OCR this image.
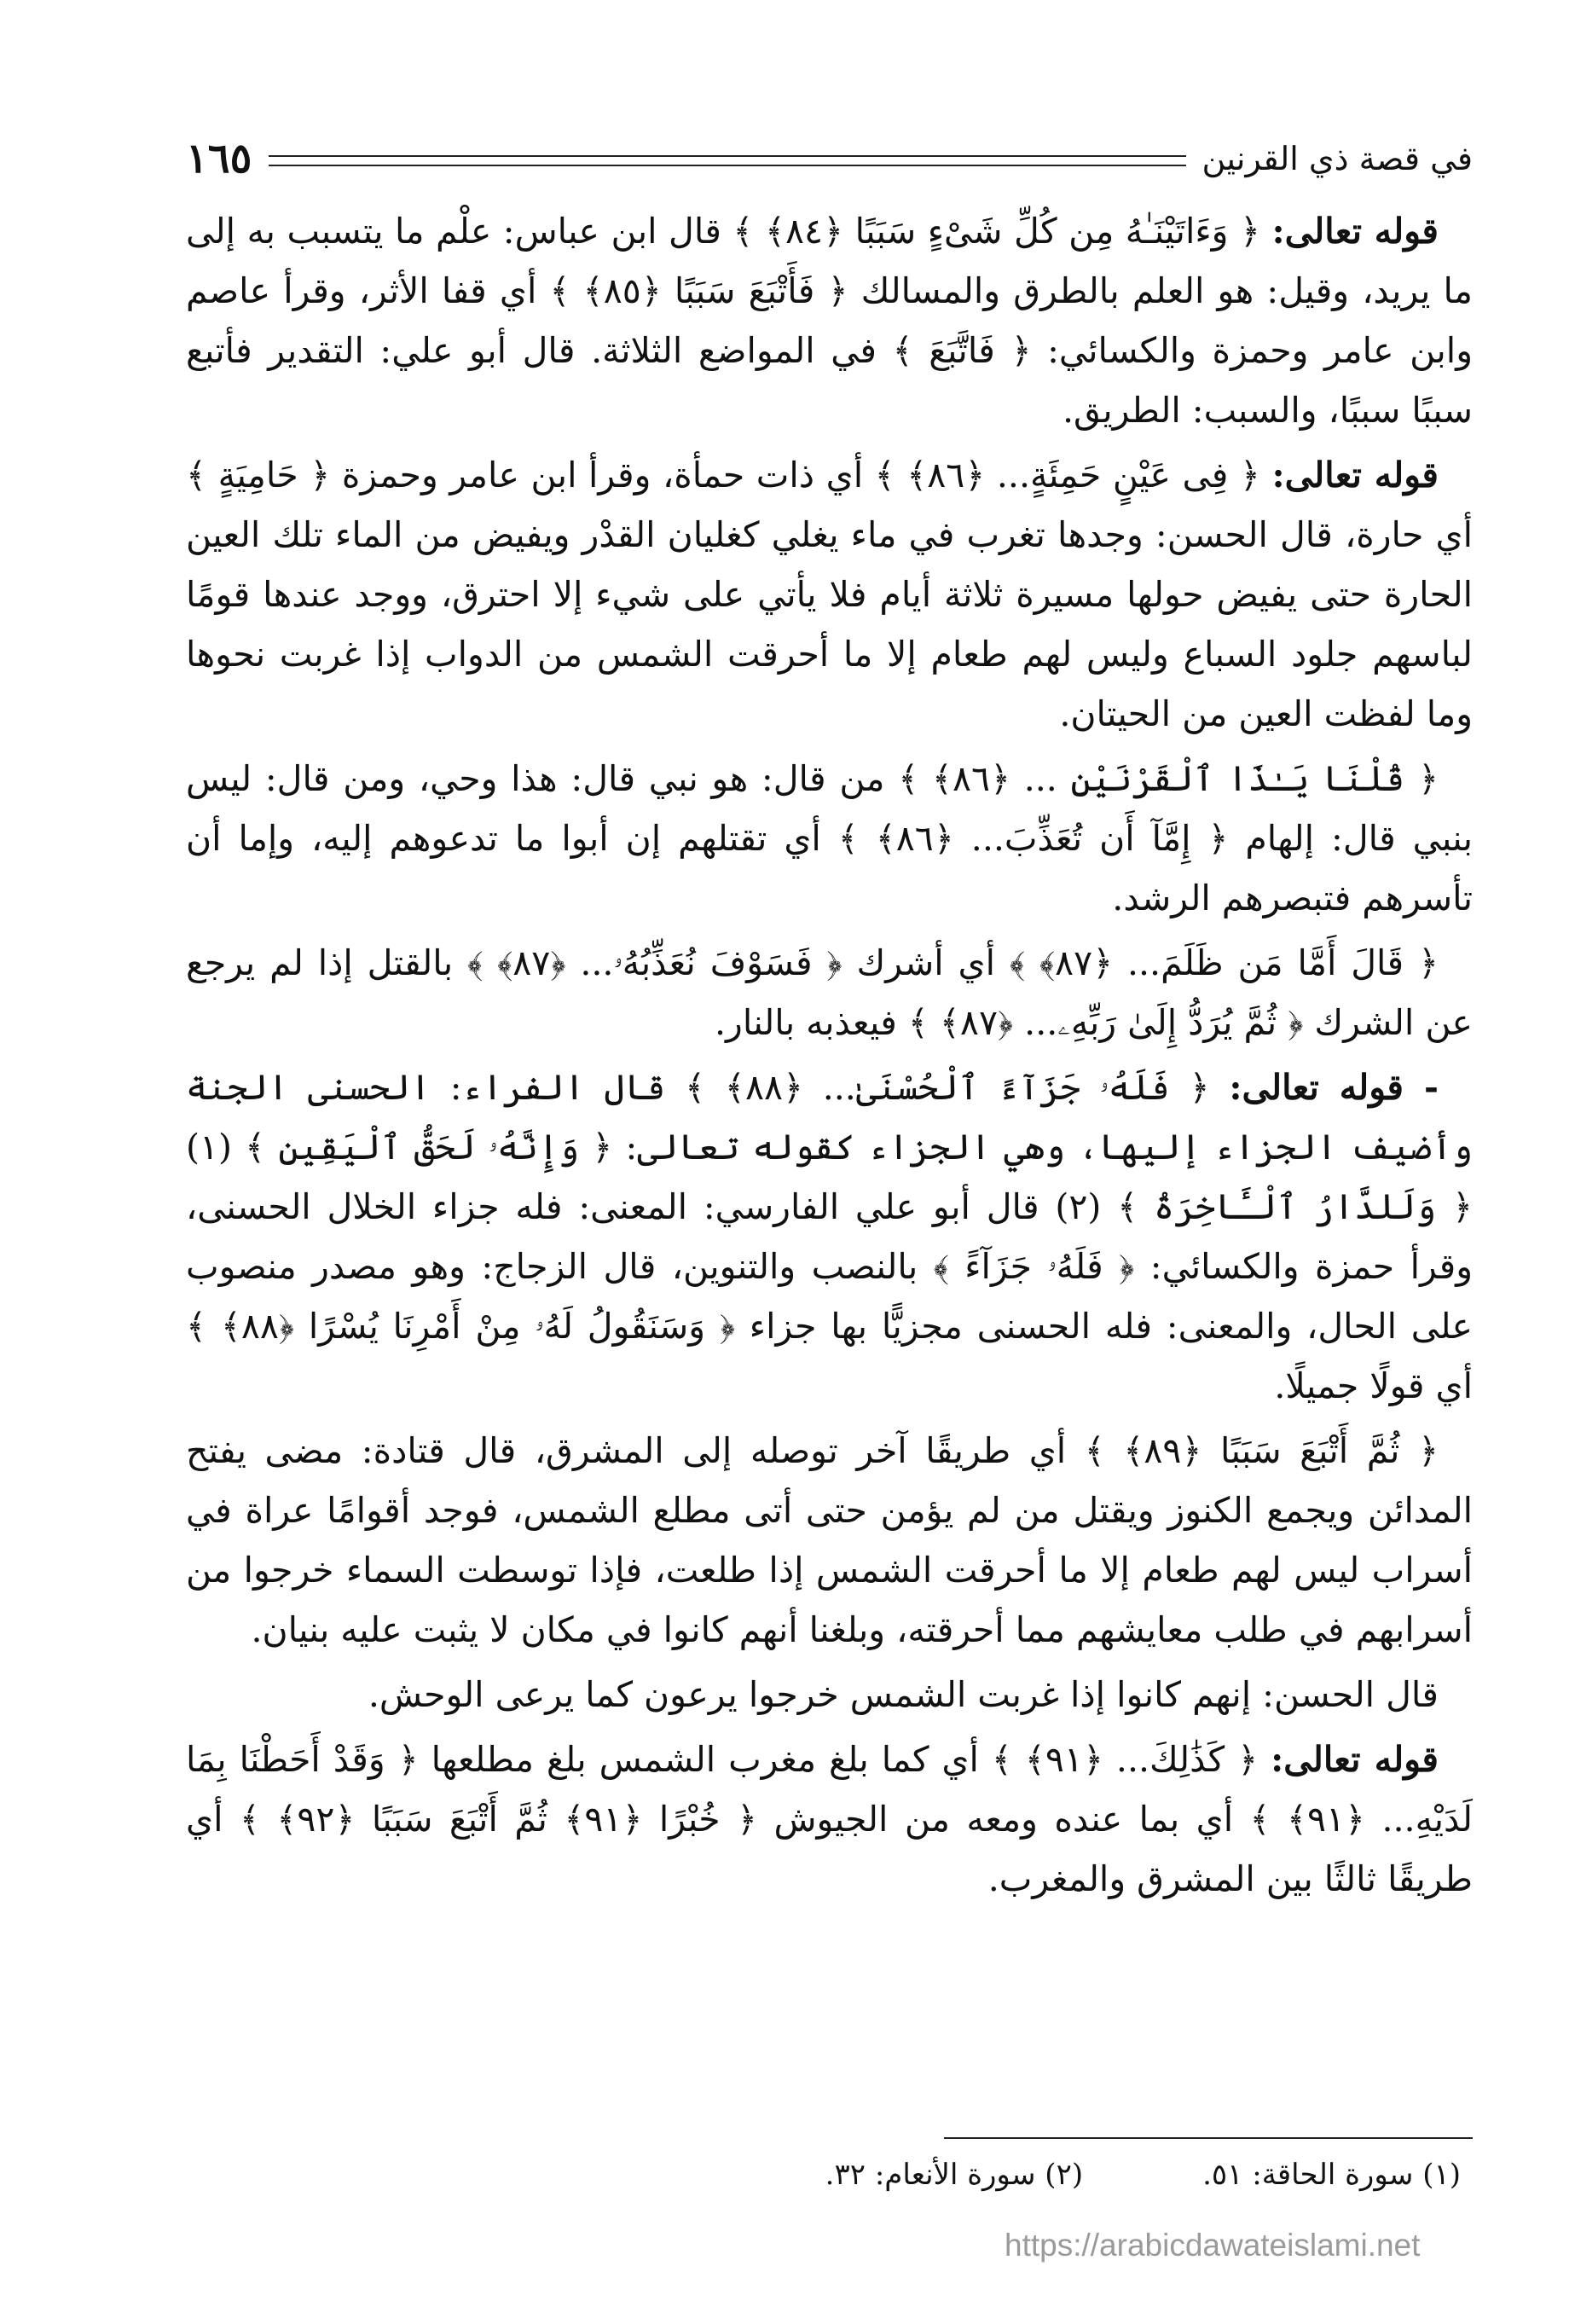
في قصة ذي القرنين
١٦٥

قوله تعالى: ﴿ وَءَاتَيْنَـٰهُ مِن كُلِّ شَىْءٍ سَبَبًا ﴿٨٤﴾ ﴾ قال ابن عباس: علْم ما يتسبب به إلى ما يريد، وقيل: هو العلم بالطرق والمسالك ﴿ فَأَتْبَعَ سَبَبًا ﴿٨٥﴾ ﴾ أي قفا الأثر، وقرأ عاصم وابن عامر وحمزة والكسائي: ﴿ فَاتَّبَعَ ﴾ في المواضع الثلاثة. قال أبو علي: التقدير فأتبع سببًا سببًا، والسبب: الطريق.

قوله تعالى: ﴿ فِى عَيْنٍ حَمِئَةٍ... ﴿٨٦﴾ ﴾ أي ذات حمأة، وقرأ ابن عامر وحمزة ﴿ حَامِيَةٍ ﴾ أي حارة، قال الحسن: وجدها تغرب في ماء يغلي كغليان القدْر ويفيض من الماء تلك العين الحارة حتى يفيض حولها مسيرة ثلاثة أيام فلا يأتي على شيء إلا احترق، ووجد عندها قومًا لباسهم جلود السباع وليس لهم طعام إلا ما أحرقت الشمس من الدواب إذا غربت نحوها وما لفظت العين من الحيتان.

﴿ قُلْنَا يَـٰذَا ٱلْقَرْنَيْنِ ... ﴿٨٦﴾ ﴾ من قال: هو نبي قال: هذا وحي، ومن قال: ليس بنبي قال: إلهام ﴿ إِمَّآ أَن تُعَذِّبَ... ﴿٨٦﴾ ﴾ أي تقتلهم إن أبوا ما تدعوهم إليه، وإما أن تأسرهم فتبصرهم الرشد.

﴿ قَالَ أَمَّا مَن ظَلَمَ... ﴿٨٧﴾ ﴾ أي أشرك ﴿ فَسَوْفَ نُعَذِّبُهُۥ... ﴿٨٧﴾ ﴾ بالقتل إذا لم يرجع عن الشرك ﴿ ثُمَّ يُرَدُّ إِلَىٰ رَبِّهِۦ... ﴿٨٧﴾ ﴾ فيعذبه بالنار.

- قوله تعالى: ﴿ فَلَهُۥ جَزَآءً ٱلْحُسْنَىٰ... ﴿٨٨﴾ ﴾ قال الفراء: الحسنى الجنة وأضيف الجزاء إليها، وهي الجزاء كقوله تعالى: ﴿ وَإِنَّهُۥ لَحَقُّ ٱلْيَقِينِ ﴾ (١) ﴿ وَلَلدَّارُ ٱلْـَٔاخِرَةُ ﴾ (٢) قال أبو علي الفارسي: المعنى: فله جزاء الخلال الحسنى، وقرأ حمزة والكسائي: ﴿ فَلَهُۥ جَزَآءً ﴾ بالنصب والتنوين، قال الزجاج: وهو مصدر منصوب على الحال، والمعنى: فله الحسنى مجزيًّا بها جزاء ﴿ وَسَنَقُولُ لَهُۥ مِنْ أَمْرِنَا يُسْرًا ﴿٨٨﴾ ﴾ أي قولًا جميلًا.

﴿ ثُمَّ أَتْبَعَ سَبَبًا ﴿٨٩﴾ ﴾ أي طريقًا آخر توصله إلى المشرق، قال قتادة: مضى يفتح المدائن ويجمع الكنوز ويقتل من لم يؤمن حتى أتى مطلع الشمس، فوجد أقوامًا عراة في أسراب ليس لهم طعام إلا ما أحرقت الشمس إذا طلعت، فإذا توسطت السماء خرجوا من أسرابهم في طلب معايشهم مما أحرقته، وبلغنا أنهم كانوا في مكان لا يثبت عليه بنيان.

قال الحسن: إنهم كانوا إذا غربت الشمس خرجوا يرعون كما يرعى الوحش.

قوله تعالى: ﴿ كَذَٰلِكَ... ﴿٩١﴾ ﴾ أي كما بلغ مغرب الشمس بلغ مطلعها ﴿ وَقَدْ أَحَطْنَا بِمَا لَدَيْهِ... ﴿٩١﴾ ﴾ أي بما عنده ومعه من الجيوش ﴿ خُبْرًا ﴿٩١﴾ ثُمَّ أَتْبَعَ سَبَبًا ﴿٩٢﴾ ﴾ أي طريقًا ثالثًا بين المشرق والمغرب.

(١) سورة الحاقة: ٥١.
(٢) سورة الأنعام: ٣٢.
https://arabicdawateislami.net
